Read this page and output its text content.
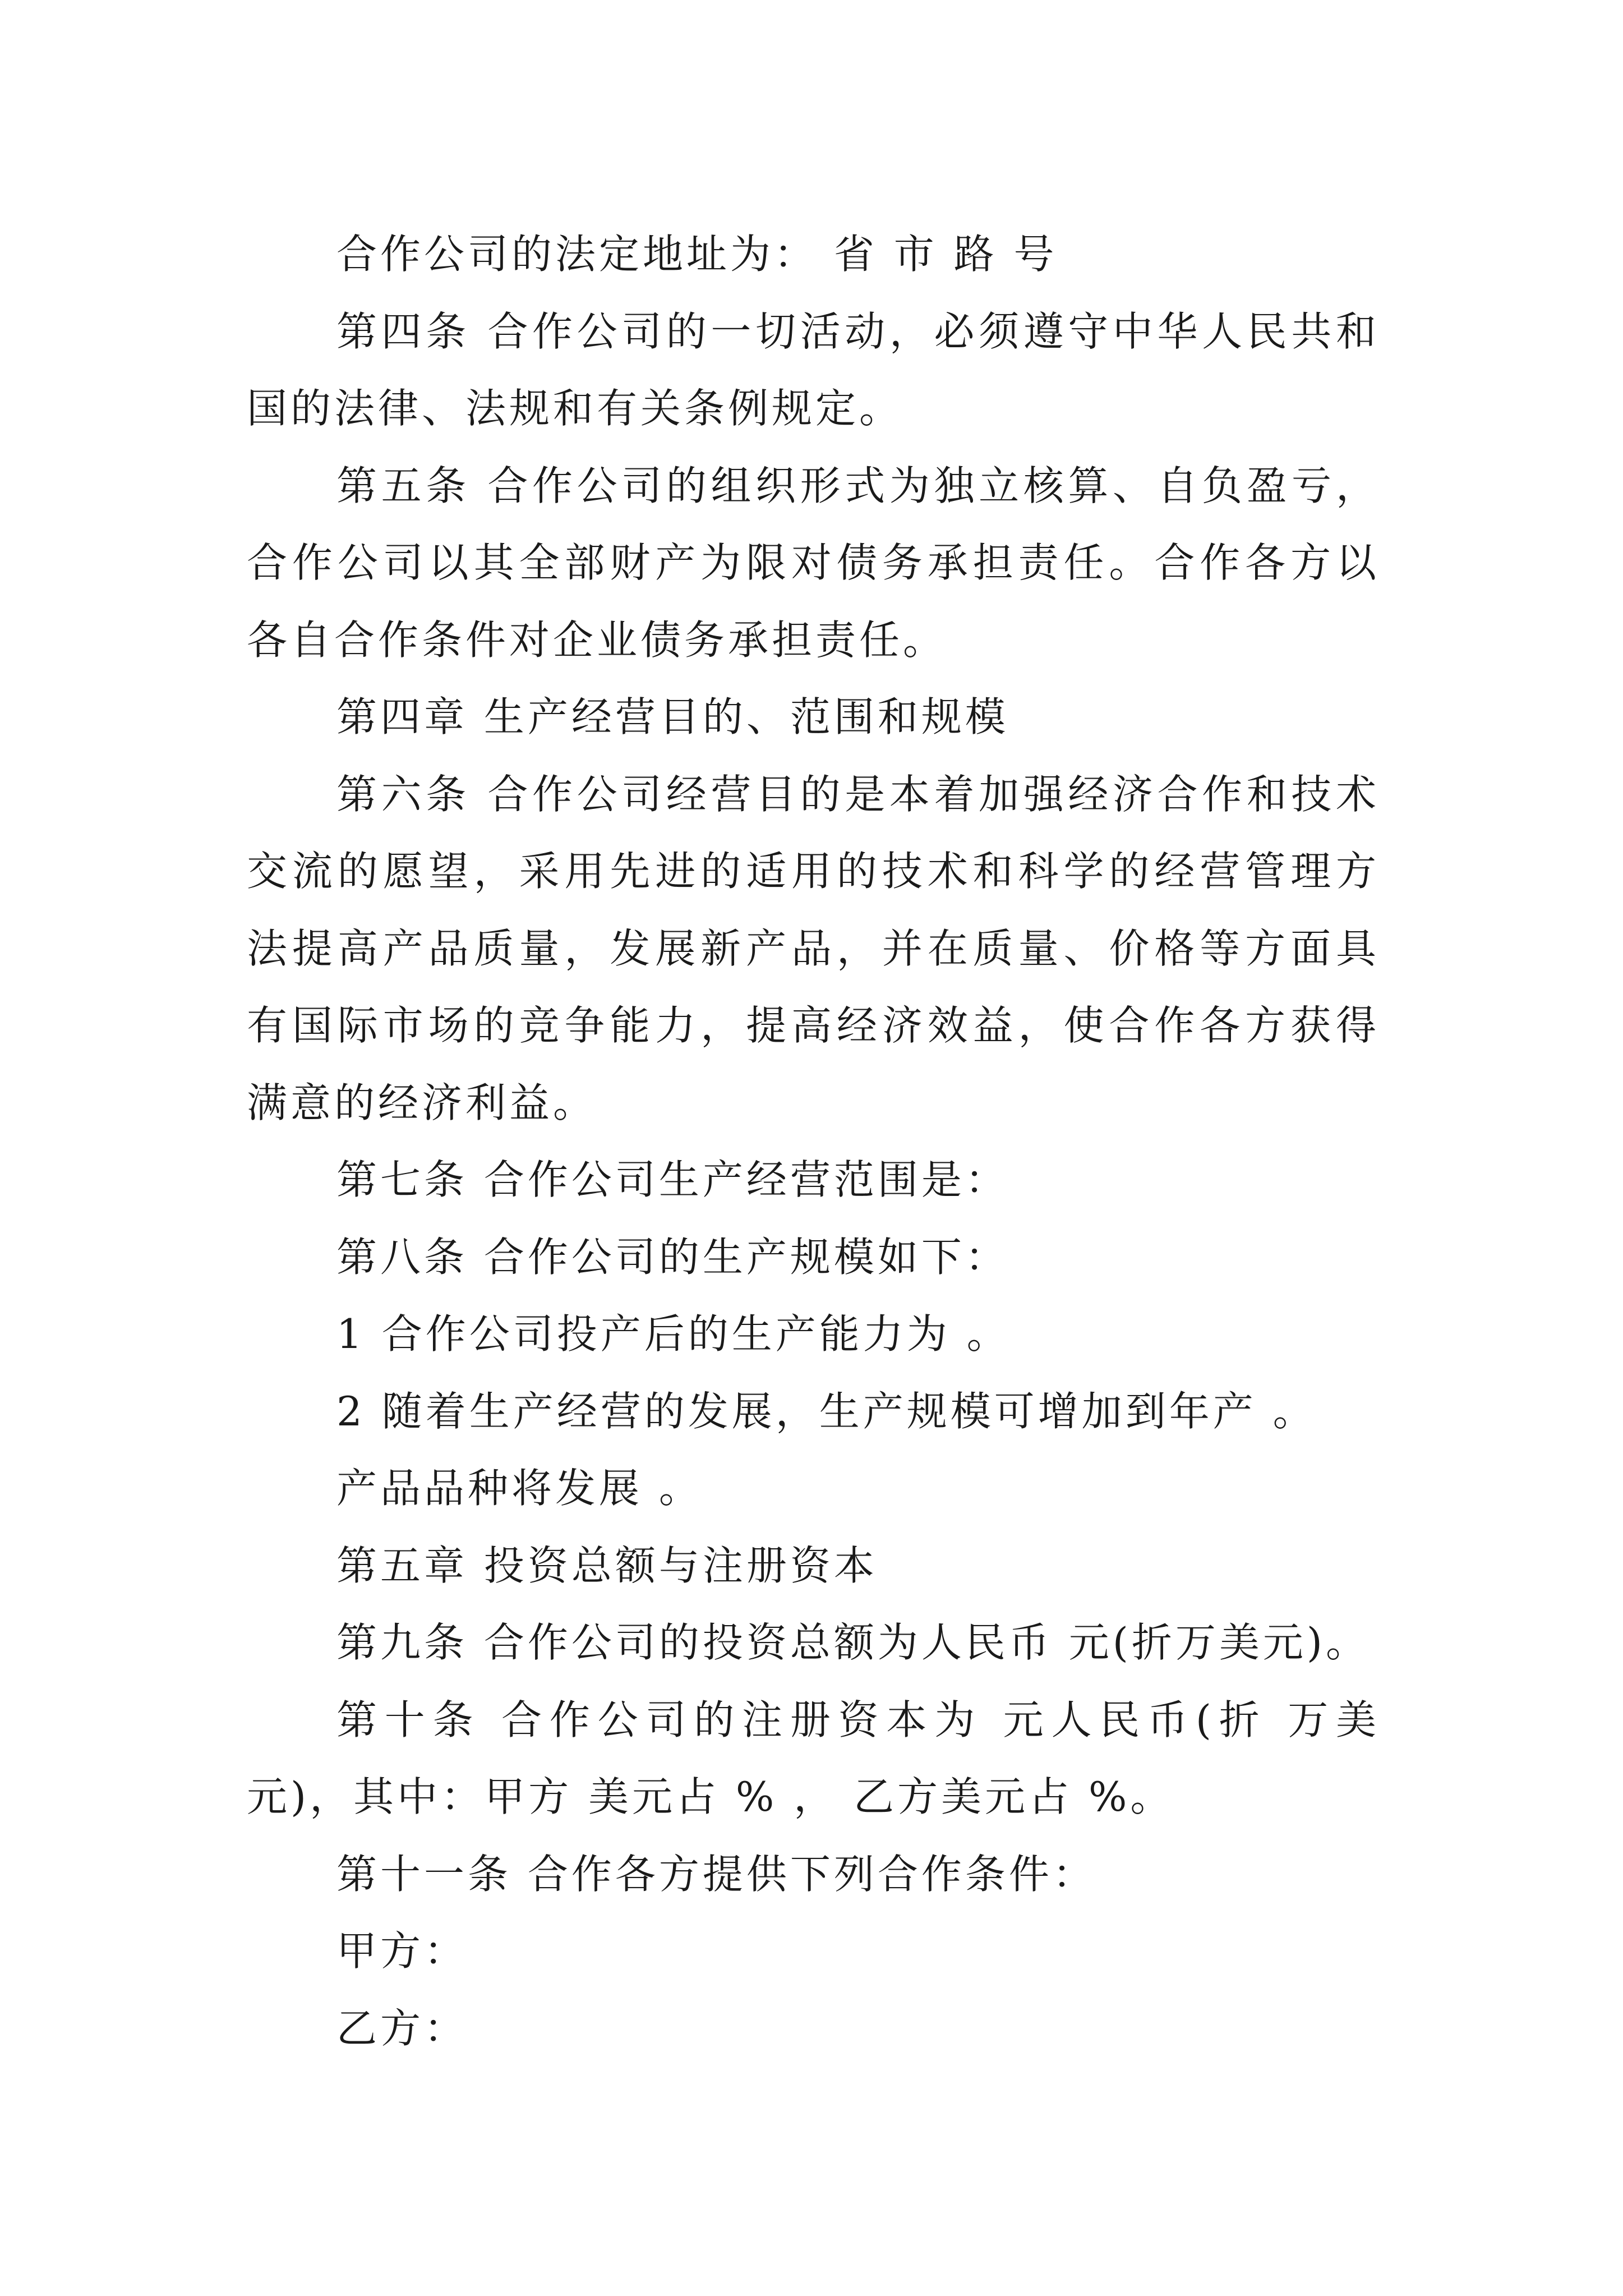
合作公司的法定地址为： 省 市 路 号

第四条 合作公司的一切活动，必须遵守中华人民共和国的法律、法规和有关条例规定。

第五条 合作公司的组织形式为独立核算、自负盈亏，合作公司以其全部财产为限对债务承担责任。合作各方以各自合作条件对企业债务承担责任。

第四章 生产经营目的、范围和规模

第六条 合作公司经营目的是本着加强经济合作和技术交流的愿望，采用先进的适用的技术和科学的经营管理方法提高产品质量，发展新产品，并在质量、价格等方面具有国际市场的竞争能力，提高经济效益，使合作各方获得满意的经济利益。

第七条 合作公司生产经营范围是：

第八条 合作公司的生产规模如下：

1 合作公司投产后的生产能力为 。

2 随着生产经营的发展，生产规模可增加到年产 。

产品品种将发展 。

第五章 投资总额与注册资本

第九条 合作公司的投资总额为人民币 元(折万美元)。

第十条 合作公司的注册资本为 元人民币(折 万美元)，其中：甲方 美元占 % ， 乙方美元占 %。

第十一条 合作各方提供下列合作条件：

甲方：

乙方：
